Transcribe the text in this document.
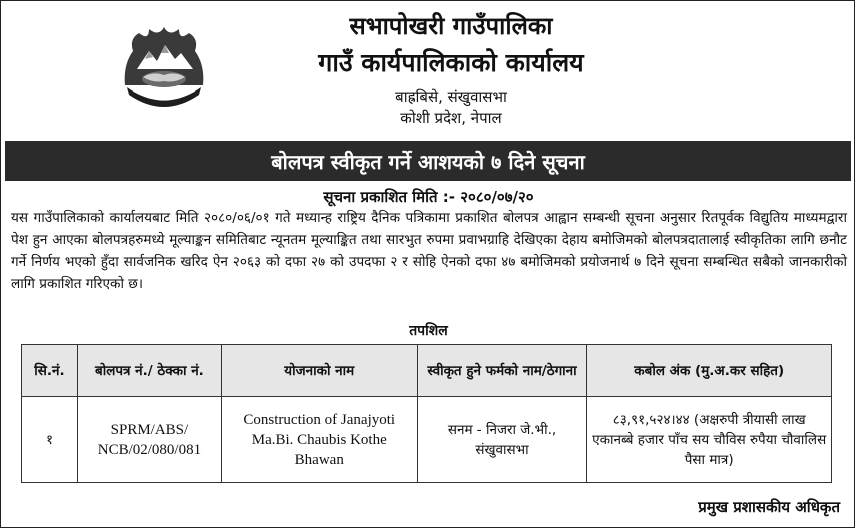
सभापोखरी गाउँपालिका
गाउँ कार्यपालिकाको कार्यालय
बाह्रबिसे, संखुवासभा
कोशी प्रदेश, नेपाल
बोलपत्र स्वीकृत गर्ने आशयको ७ दिने सूचना
सूचना प्रकाशित मिति :- २०८०/०७/२०

यस गाउँपालिकाको कार्यालयबाट मिति २०८०/०६/०१ गते मध्यान्ह राष्ट्रिय दैनिक पत्रिकामा प्रकाशित बोलपत्र आह्वान सम्बन्धी सूचना अनुसार रितपूर्वक विद्युतिय माध्यमद्वारा पेश हुन आएका बोलपत्रहरुमध्ये मूल्याङ्कन समितिबाट न्यूनतम मूल्याङ्कित तथा सारभुत रुपमा प्रवाभग्राहि देखिएका देहाय बमोजिमको बोलपत्रदातालाई स्वीकृतिका लागि छनौट गर्ने निर्णय भएको हुँदा सार्वजनिक खरिद ऐन २०६३ को दफा २७ को उपदफा २ र सोहि ऐनको दफा ४७ बमोजिमको प्रयोजनार्थ ७ दिने सूचना सम्बन्धित सबैको जानकारीको लागि प्रकाशित गरिएको छ।

तपशिल
सि.नं.	बोलपत्र नं./ ठेक्का नं.	योजनाको नाम	स्वीकृत हुने फर्मको नाम/ठेगाना	कबोल अंक (मु.अ.कर सहित)
१	SPRM/ABS/ NCB/02/080/081	Construction of Janajyoti Ma.Bi. Chaubis Kothe Bhawan	सनम - निजरा जे.भी., संखुवासभा	८३,९१,५२४।४४ (अक्षरुपी त्रीयासी लाख एकानब्बे हजार पाँच सय चौविस रुपैया चौवालिस पैसा मात्र)
प्रमुख प्रशासकीय अधिकृत
